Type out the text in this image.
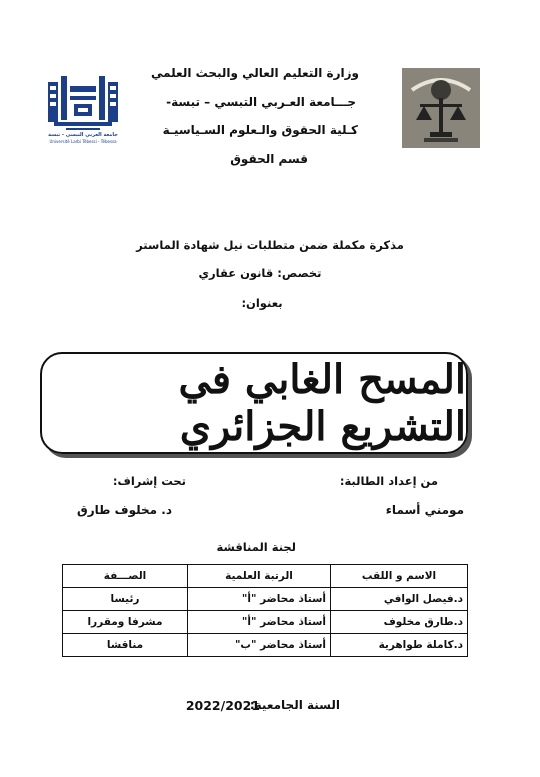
جامعة العربي التبسي - تبسة
Université Larbi Tébessi - Tébessa
وزارة التعليم العالي والبحث العلمي
جـــامعة العـربي التبسي – تبسة-
كـلية الحقوق والـعلوم السـياسيـة
قسم الحقوق
مذكرة مكملة ضمن متطلبات نيل شهادة الماستر
تخصص: قانون عقاري
بعنوان:
المسح الغابي في التشريع الجزائري
من إعداد الطالبة:
تحت إشراف:
مومني أسماء
د. مخلوف طارق
لجنة المناقشة
الاسم و اللقب	الرتبة العلمية	الصـــفة
د.فيصل الوافي	أستاذ محاضر "أ"	رئيسا
د.طارق مخلوف	أستاذ محاضر "أ"	مشرفا ومقررا
د.كاملة طواهرية	أستاذ محاضر "ب"	مناقشا
السنة الجامعية:
2022/2021
